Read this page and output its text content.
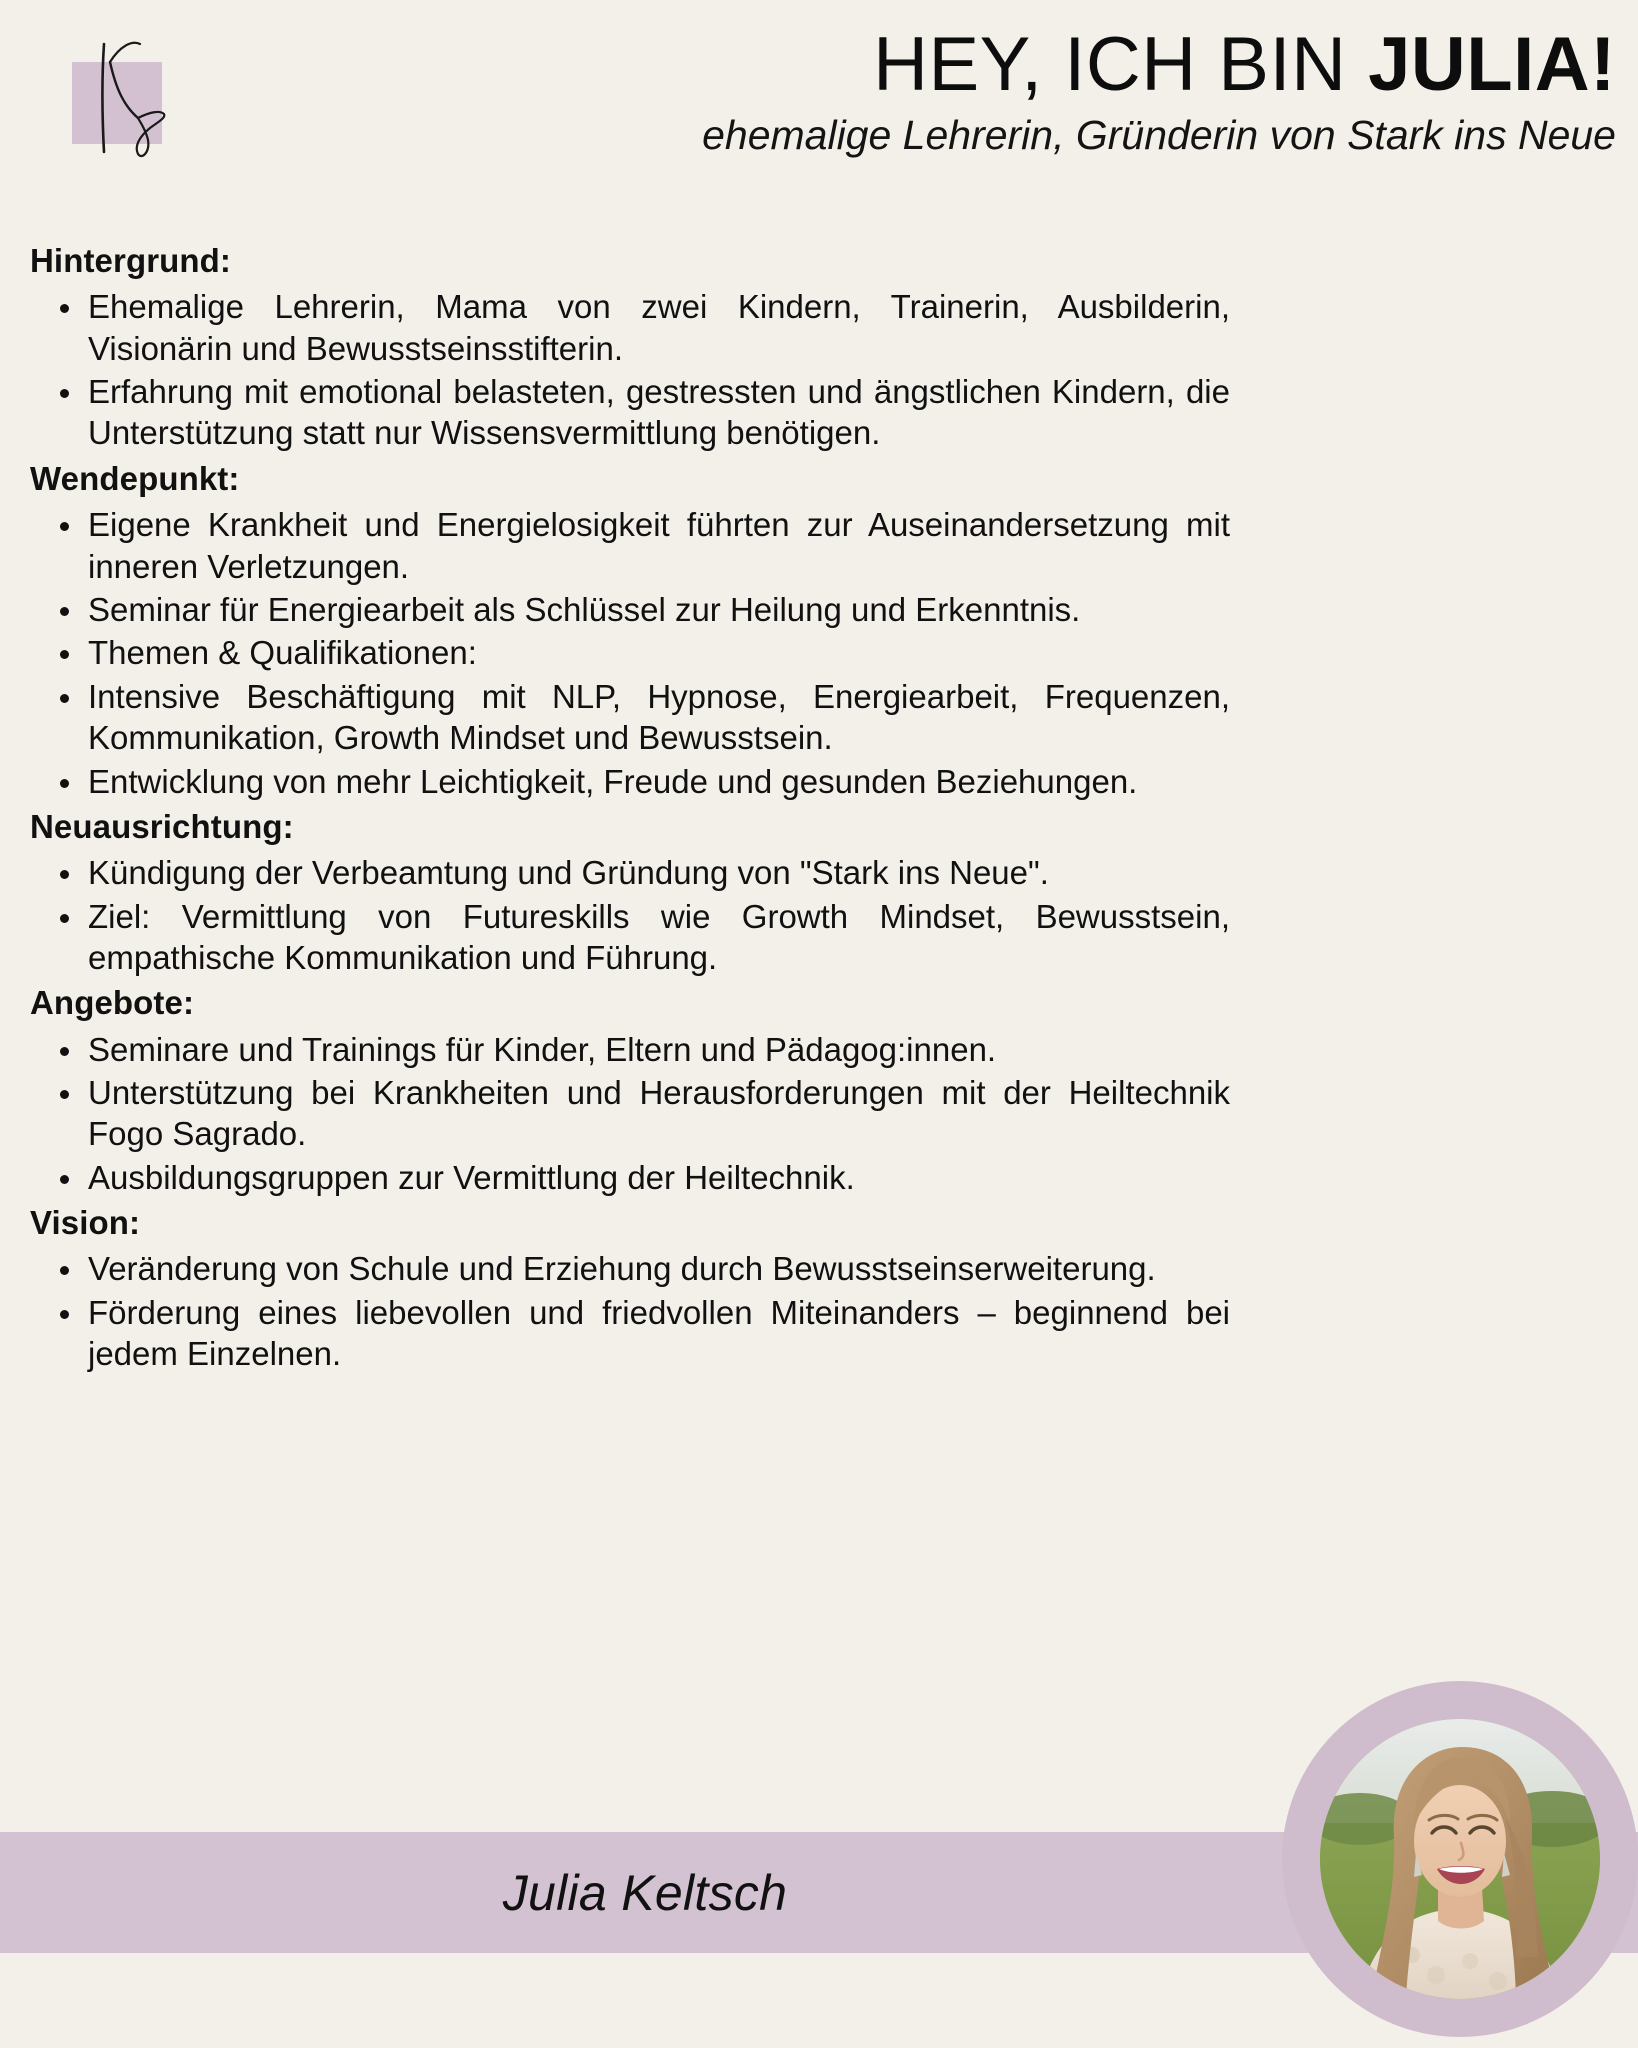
HEY, ICH BIN JULIA!
ehemalige Lehrerin, Gründerin von Stark ins Neue
Hintergrund:
Ehemalige Lehrerin, Mama von zwei Kindern, Trainerin, Ausbilderin, Visionärin und Bewusstseinsstifterin.
Erfahrung mit emotional belasteten, gestressten und ängstlichen Kindern, die Unterstützung statt nur Wissensvermittlung benötigen.
Wendepunkt:
Eigene Krankheit und Energielosigkeit führten zur Auseinandersetzung mit inneren Verletzungen.
Seminar für Energiearbeit als Schlüssel zur Heilung und Erkenntnis.
Themen & Qualifikationen:
Intensive Beschäftigung mit NLP, Hypnose, Energiearbeit, Frequenzen, Kommunikation, Growth Mindset und Bewusstsein.
Entwicklung von mehr Leichtigkeit, Freude und gesunden Beziehungen.
Neuausrichtung:
Kündigung der Verbeamtung und Gründung von "Stark ins Neue".
Ziel: Vermittlung von Futureskills wie Growth Mindset, Bewusstsein, empathische Kommunikation und Führung.
Angebote:
Seminare und Trainings für Kinder, Eltern und Pädagog:innen.
Unterstützung bei Krankheiten und Herausforderungen mit der Heiltechnik Fogo Sagrado.
Ausbildungsgruppen zur Vermittlung der Heiltechnik.
Vision:
Veränderung von Schule und Erziehung durch Bewusstseinserweiterung.
Förderung eines liebevollen und friedvollen Miteinanders – beginnend bei jedem Einzelnen.
Julia Keltsch
